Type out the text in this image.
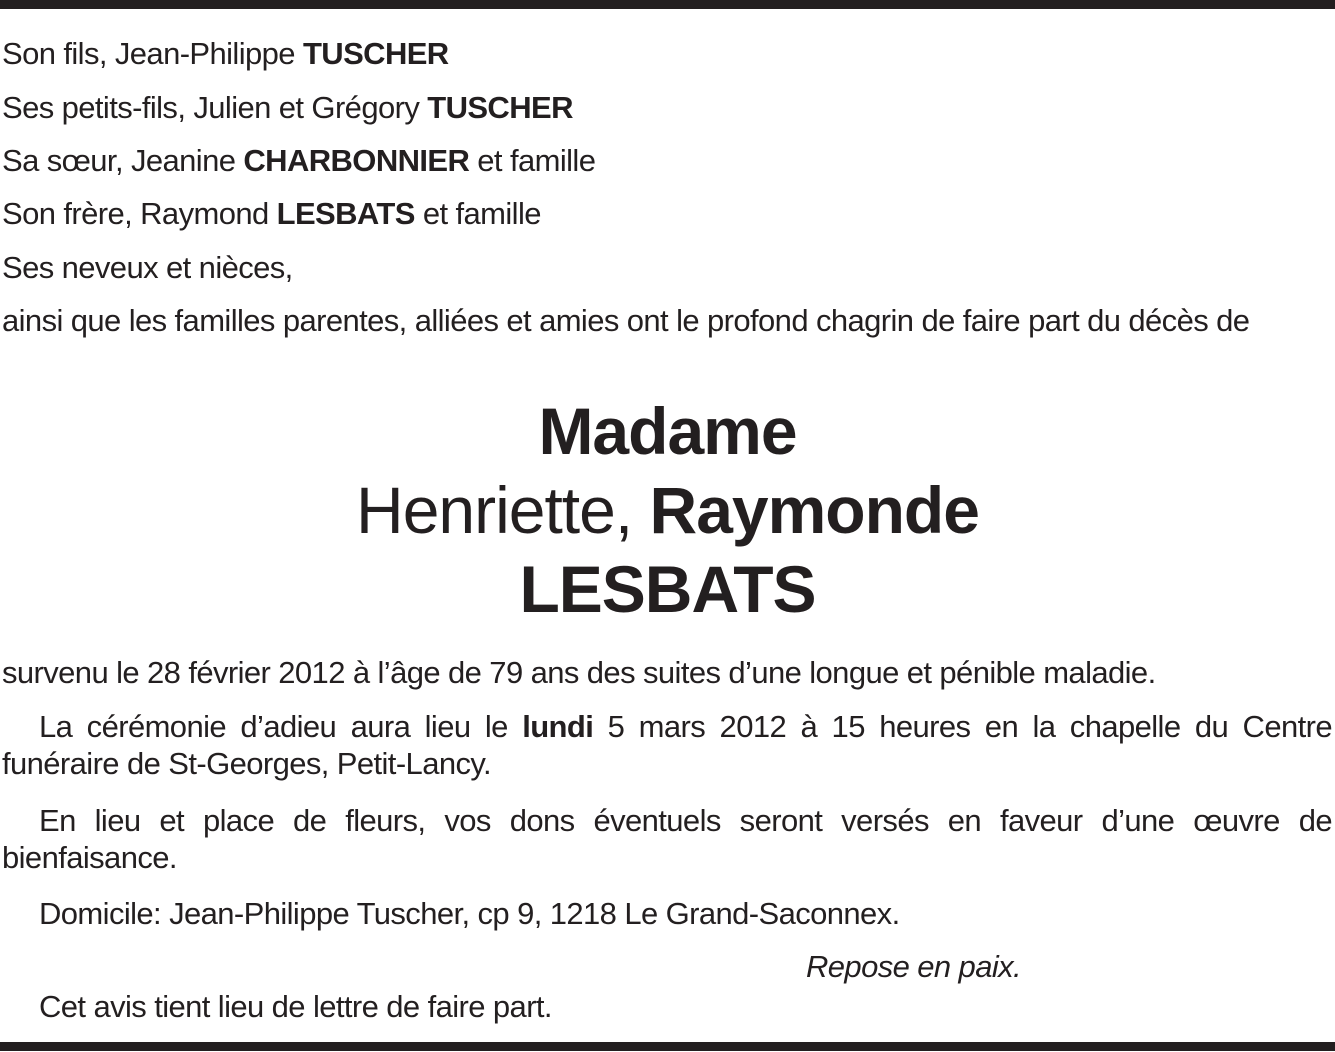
Son fils, Jean-Philippe TUSCHER
Ses petits-fils, Julien et Grégory TUSCHER
Sa sœur, Jeanine CHARBONNIER et famille
Son frère, Raymond LESBATS et famille
Ses neveux et nièces,
ainsi que les familles parentes, alliées et amies ont le profond chagrin de faire part du décès de
Madame
Henriette, Raymonde
LESBATS
survenu le 28 février 2012 à l’âge de 79 ans des suites d’une longue et pénible maladie.
La cérémonie d’adieu aura lieu le lundi 5 mars 2012 à 15 heures en la chapelle du Centre funéraire de St-Georges, Petit-Lancy.
En lieu et place de fleurs, vos dons éventuels seront versés en faveur d’une œuvre de bienfaisance.
Domicile: Jean-Philippe Tuscher, cp 9, 1218 Le Grand-Saconnex.
Repose en paix.
Cet avis tient lieu de lettre de faire part.
